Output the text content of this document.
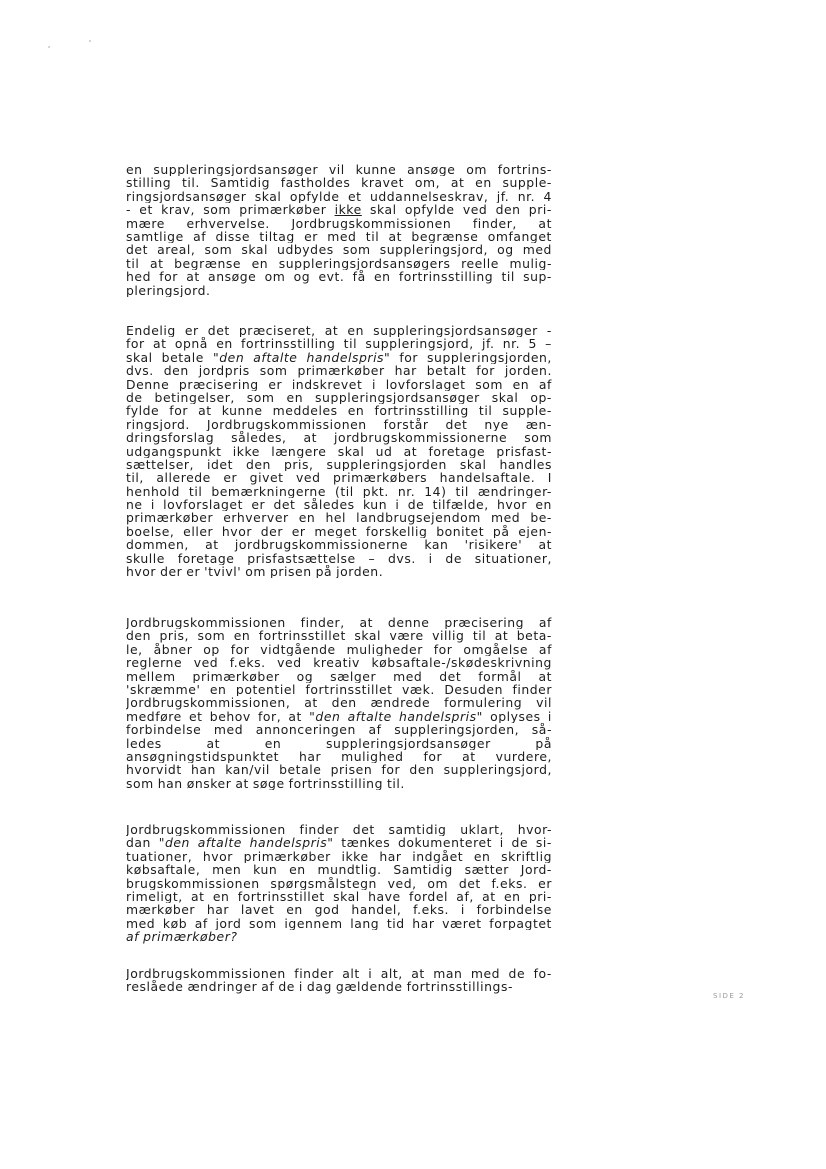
en suppleringsjordsansøger vil kunne ansøge om fortrins-
stilling til. Samtidig fastholdes kravet om, at en supple-
ringsjordsansøger skal opfylde et uddannelseskrav, jf. nr. 4
- et krav, som primærkøber ikke skal opfylde ved den pri-
mære erhvervelse. Jordbrugskommissionen finder, at
samtlige af disse tiltag er med til at begrænse omfanget
det areal, som skal udbydes som suppleringsjord, og med
til at begrænse en suppleringsjordsansøgers reelle mulig-
hed for at ansøge om og evt. få en fortrinsstilling til sup-
pleringsjord.
Endelig er det præciseret, at en suppleringsjordsansøger -
for at opnå en fortrinsstilling til suppleringsjord, jf. nr. 5 –
skal betale "den aftalte handelspris" for suppleringsjorden,
dvs. den jordpris som primærkøber har betalt for jorden.
Denne præcisering er indskrevet i lovforslaget som en af
de betingelser, som en suppleringsjordsansøger skal op-
fylde for at kunne meddeles en fortrinsstilling til supple-
ringsjord. Jordbrugskommissionen forstår det nye æn-
dringsforslag således, at jordbrugskommissionerne som
udgangspunkt ikke længere skal ud at foretage prisfast-
sættelser, idet den pris, suppleringsjorden skal handles
til, allerede er givet ved primærkøbers handelsaftale. I
henhold til bemærkningerne (til pkt. nr. 14) til ændringer-
ne i lovforslaget er det således kun i de tilfælde, hvor en
primærkøber erhverver en hel landbrugsejendom med be-
boelse, eller hvor der er meget forskellig bonitet på ejen-
dommen, at jordbrugskommissionerne kan 'risikere' at
skulle foretage prisfastsættelse – dvs. i de situationer,
hvor der er 'tvivl' om prisen på jorden.
Jordbrugskommissionen finder, at denne præcisering af
den pris, som en fortrinsstillet skal være villig til at beta-
le, åbner op for vidtgående muligheder for omgåelse af
reglerne ved f.eks. ved kreativ købsaftale-/skødeskrivning
mellem primærkøber og sælger med det formål at
'skræmme' en potentiel fortrinsstillet væk. Desuden finder
Jordbrugskommissionen, at den ændrede formulering vil
medføre et behov for, at "den aftalte handelspris" oplyses i
forbindelse med annonceringen af suppleringsjorden, så-
ledes	at	en	suppleringsjordsansøger	på
ansøgningstidspunktet har mulighed for at vurdere,
hvorvidt han kan/vil betale prisen for den suppleringsjord,
som han ønsker at søge fortrinsstilling til.
Jordbrugskommissionen finder det samtidig uklart, hvor-
dan "den aftalte handelspris" tænkes dokumenteret i de si-
tuationer, hvor primærkøber ikke har indgået en skriftlig
købsaftale, men kun en mundtlig. Samtidig sætter Jord-
brugskommissionen spørgsmålstegn ved, om det f.eks. er
rimeligt, at en fortrinsstillet skal have fordel af, at en pri-
mærkøber har lavet en god handel, f.eks. i forbindelse
med køb af jord som igennem lang tid har været forpagtet
af primærkøber?
Jordbrugskommissionen finder alt i alt, at man med de fo-
reslåede ændringer af de i dag gældende fortrinsstillings-
SIDE 2
